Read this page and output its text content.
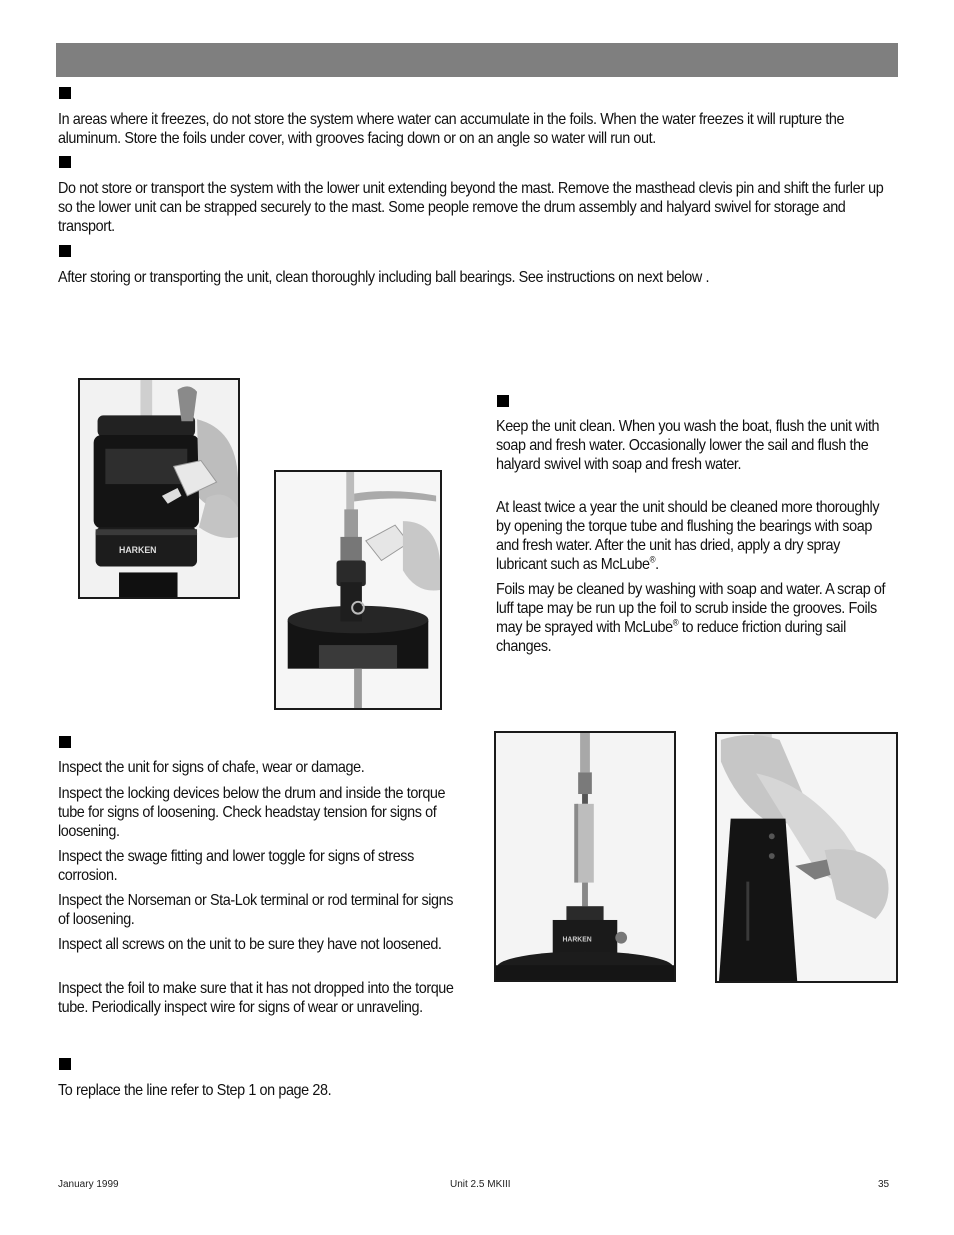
In areas where it freezes, do not store the system where water can accumulate in the foils. When the water freezes it will rupture the aluminum. Store the foils under cover, with grooves facing down or on an angle so water will run out.

Do not store or transport the system with the lower unit extending beyond the mast. Remove the masthead clevis pin and shift the furler up so the lower unit can be strapped securely to the mast. Some people remove the drum assembly and halyard swivel for storage and transport.

After storing or transporting the unit, clean thoroughly including ball bearings. See instructions on next below .

HARKEN

Keep the unit clean. When you wash the boat, flush the unit with soap and fresh water. Occasionally lower the sail and flush the halyard swivel with soap and fresh water.

At least twice a year the unit should be cleaned more thoroughly by opening the torque tube and flushing the bearings with soap and fresh water. After the unit has dried, apply a dry spray lubricant such as McLube®.

Foils may be cleaned by washing with soap and water. A scrap of luff tape may be run up the foil to scrub inside the grooves. Foils may be sprayed with McLube® to reduce friction during sail changes.

Inspect the unit for signs of chafe, wear or damage.

Inspect the locking devices below the drum and inside the torque tube for signs of loosening. Check headstay tension for signs of loosening.

Inspect the swage fitting and lower toggle for signs of stress corrosion.

Inspect the Norseman or Sta-Lok terminal or rod terminal for signs of loosening.

Inspect all screws on the unit to be sure they have not loosened.

Inspect the foil to make sure that it has not dropped into the torque tube. Periodically inspect wire for signs of wear or unraveling.

HARKEN

To replace the line refer to Step 1 on page 28.

January 1999	Unit 2.5 MKIII	35
